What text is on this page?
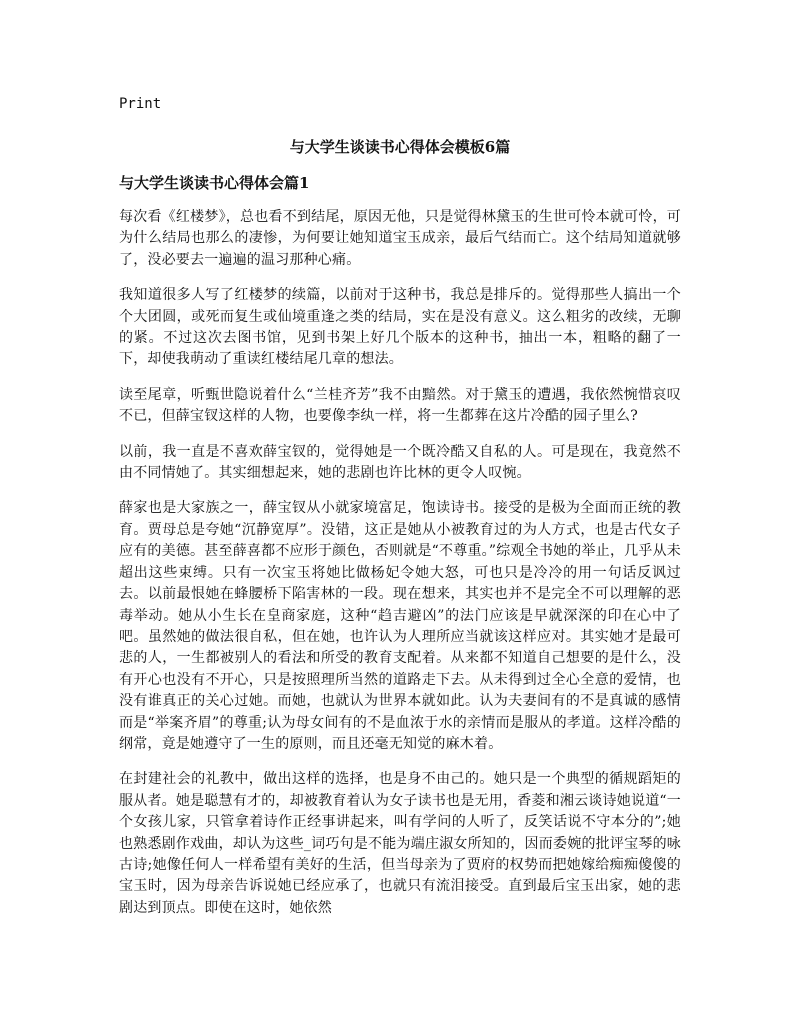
Print

与大学生谈读书心得体会模板6篇
与大学生谈读书心得体会篇1

每次看《红楼梦》，总也看不到结尾，原因无他，只是觉得林黛玉的生世可怜本就可怜，可为什么结局也那么的凄惨，为何要让她知道宝玉成亲，最后气结而亡。这个结局知道就够了，没必要去一遍遍的温习那种心痛。

我知道很多人写了红楼梦的续篇，以前对于这种书，我总是排斥的。觉得那些人搞出一个个大团圆，或死而复生或仙境重逢之类的结局，实在是没有意义。这么粗劣的改续，无聊的紧。不过这次去图书馆，见到书架上好几个版本的这种书，抽出一本，粗略的翻了一下，却使我萌动了重读红楼结尾几章的想法。

读至尾章，听甄世隐说着什么“兰桂齐芳”我不由黯然。对于黛玉的遭遇，我依然惋惜哀叹不已，但薛宝钗这样的人物，也要像李纨一样，将一生都葬在这片冷酷的园子里么?

以前，我一直是不喜欢薛宝钗的，觉得她是一个既冷酷又自私的人。可是现在，我竟然不由不同情她了。其实细想起来，她的悲剧也许比林的更令人叹惋。

薛家也是大家族之一，薛宝钗从小就家境富足，饱读诗书。接受的是极为全面而正统的教育。贾母总是夸她“沉静宽厚”。没错，这正是她从小被教育过的为人方式，也是古代女子应有的美德。甚至薛喜都不应形于颜色，否则就是“不尊重。”综观全书她的举止，几乎从未超出这些束缚。只有一次宝玉将她比做杨妃令她大怒，可也只是冷冷的用一句话反讽过去。以前最恨她在蜂腰桥下陷害林的一段。现在想来，其实也并不是完全不可以理解的恶毒举动。她从小生长在皇商家庭，这种“趋吉避凶”的法门应该是早就深深的印在心中了吧。虽然她的做法很自私，但在她，也许认为人理所应当就该这样应对。其实她才是最可悲的人，一生都被别人的看法和所受的教育支配着。从来都不知道自己想要的是什么，没有开心也没有不开心，只是按照理所当然的道路走下去。从未得到过全心全意的爱情，也没有谁真正的关心过她。而她，也就认为世界本就如此。认为夫妻间有的不是真诚的感情而是“举案齐眉”的尊重;认为母女间有的不是血浓于水的亲情而是服从的孝道。这样冷酷的纲常，竟是她遵守了一生的原则，而且还毫无知觉的麻木着。

在封建社会的礼教中，做出这样的选择，也是身不由己的。她只是一个典型的循规蹈矩的服从者。她是聪慧有才的，却被教育着认为女子读书也是无用，香菱和湘云谈诗她说道“一个女孩儿家，只管拿着诗作正经事讲起来，叫有学问的人听了，反笑话说不守本分的”;她也熟悉剧作戏曲，却认为这些_词巧句是不能为端庄淑女所知的，因而委婉的批评宝琴的咏古诗;她像任何人一样希望有美好的生活，但当母亲为了贾府的权势而把她嫁给痴痴傻傻的宝玉时，因为母亲告诉说她已经应承了，也就只有流泪接受。直到最后宝玉出家，她的悲剧达到顶点。即使在这时，她依然
